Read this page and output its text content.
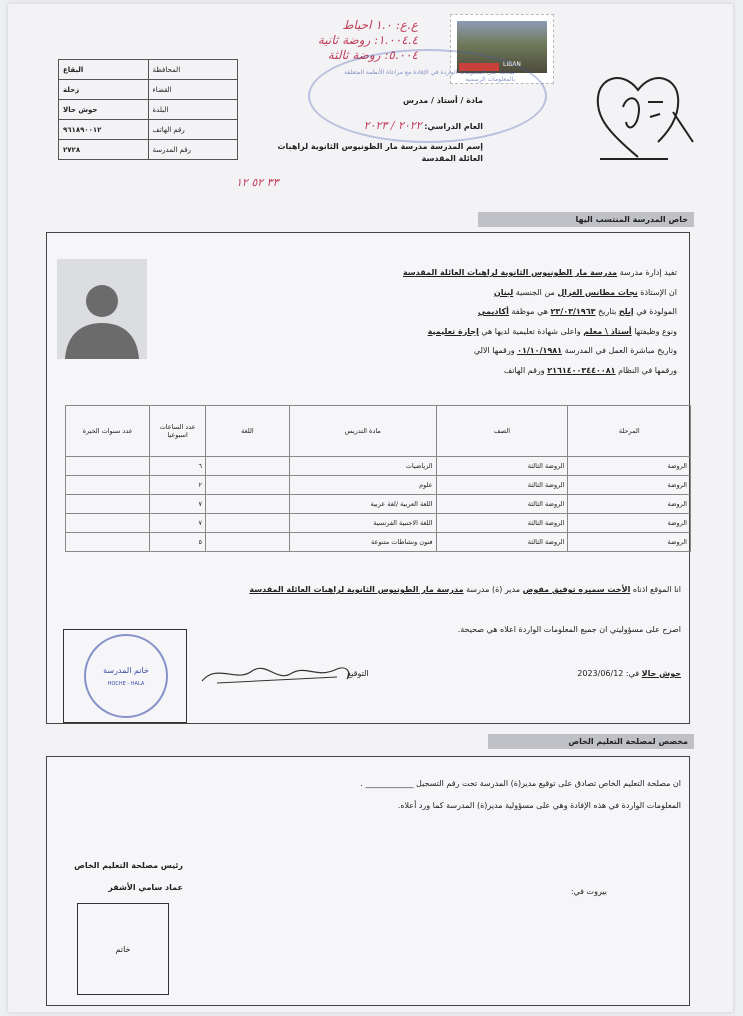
ع.ع: ١.٠ احباط
١.٠٠٤.٤: روضة ثانية
٥.٠٠٤: روضة ثالثة
LIBAN
صادقة على المعلومات الواردة في الإفادة مع مراعاة الأنظمة المتعلقة بالمعلومات الرسمية
البقاع	المحافظة
زحلة	القضاء
حوش حالا	البلدة
٩٦١٨٩٠٠١٢	رقم الهاتف
٢٧٢٨	رقم المدرسة
مادة / أستاذ / مدرس
العام الدراسي: ٢٠٢٢ / ٢٠٢٣
إسم المدرسة مدرسة مار الطونيوس الثانوية لراهبات العائلة المقدسة
٣٣ ٥٢ ١٢
خاص المدرسة المنتسب اليها
تفيد إدارة مدرسة مدرسة مار الطونيوس الثانوية لراهبات العائلة المقدسة
ان الإستاذة نجات مطانس الغزال من الجنسية لبنان
المولودة في إبلح بتاريخ ٢٣/٠٣/١٩٦٣ هي موظفة أكاديمي
ونوع وظيفتها أستاذ \ معلم واعلى شهادة تعليمية لديها هي إجازة تعليمية
وتاريخ مباشرة العمل في المدرسة ٠١/١٠/١٩٨١ ورقمها الالي
ورقمها في النظام ٢١٦١٤٠٠٣٤٤٠٠٨١ ورقم الهاتف
عدد سنوات الخبرة	عدد الساعات اسبوعيا	اللغة	مادة التدريس	الصف	المرحلة
	٦		الرياضيات	الروضة الثالثة	الروضة
	٢		علوم	الروضة الثالثة	الروضة
	٧		اللغة العربية /لغة عربية	الروضة الثالثة	الروضة
	٧		اللغة الاجنبية الفرنسية	الروضة الثالثة	الروضة
	٥		فنون ونشاطات متنوعة	الروضة الثالثة	الروضة
انا الموقع اذناه الأخت سميره توفيق مفوض مدير (ة) مدرسة مدرسة مار الطونيوس الثانوية لراهبات العائلة المقدسة
اصرح على مسؤوليتي ان جميع المعلومات الواردة اعلاه هي صحيحة.
خاتم المدرسة
HOCHE - HALA
التوقيع	حوش حالا في: 2023/06/12
مخصص لمصلحة التعليم الخاص
ان مصلحة التعليم الخاص تصادق على توقيع مدير(ة) المدرسة تحت رقم التسجيل ____________ .
المعلومات الواردة في هذه الإفادة وهي على مسؤولية مدير(ة) المدرسة كما ورد أعلاه.
رئيس مصلحة التعليم الخاص
عماد سامي الأشقر	بيروت في:
خاتم
